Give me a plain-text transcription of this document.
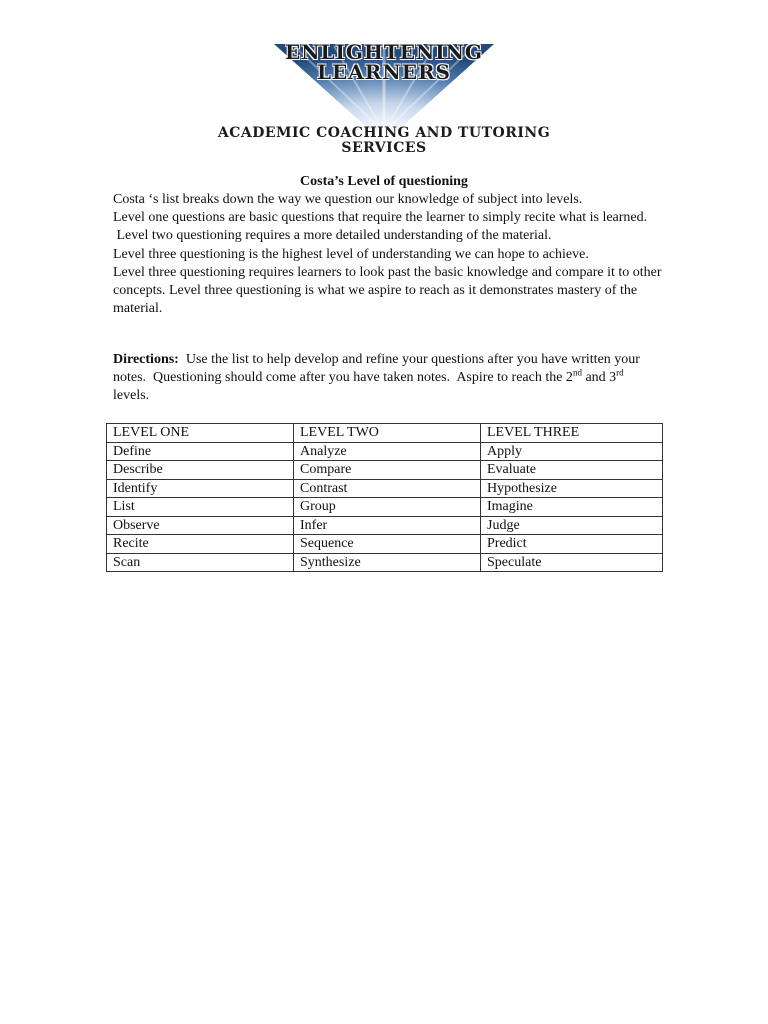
ENLIGHTENING
LEARNERS
ACADEMIC COACHING AND TUTORING
SERVICES
Costa’s Level of questioning

Costa ‘s list breaks down the way we question our knowledge of subject into levels.

Level one questions are basic questions that require the learner to simply recite what is learned.

Level two questioning requires a more detailed understanding of the material.

Level three questioning is the highest level of understanding we can hope to achieve.

Level three questioning requires learners to look past the basic knowledge and compare it to other concepts. Level three questioning is what we aspire to reach as it demonstrates mastery of the material.

Directions:  Use the list to help develop and refine your questions after you have written your notes.  Questioning should come after you have taken notes.  Aspire to reach the 2nd and 3rd levels.
LEVEL ONE	LEVEL TWO	LEVEL THREE
Define	Analyze	Apply
Describe	Compare	Evaluate
Identify	Contrast	Hypothesize
List	Group	Imagine
Observe	Infer	Judge
Recite	Sequence	Predict
Scan	Synthesize	Speculate
